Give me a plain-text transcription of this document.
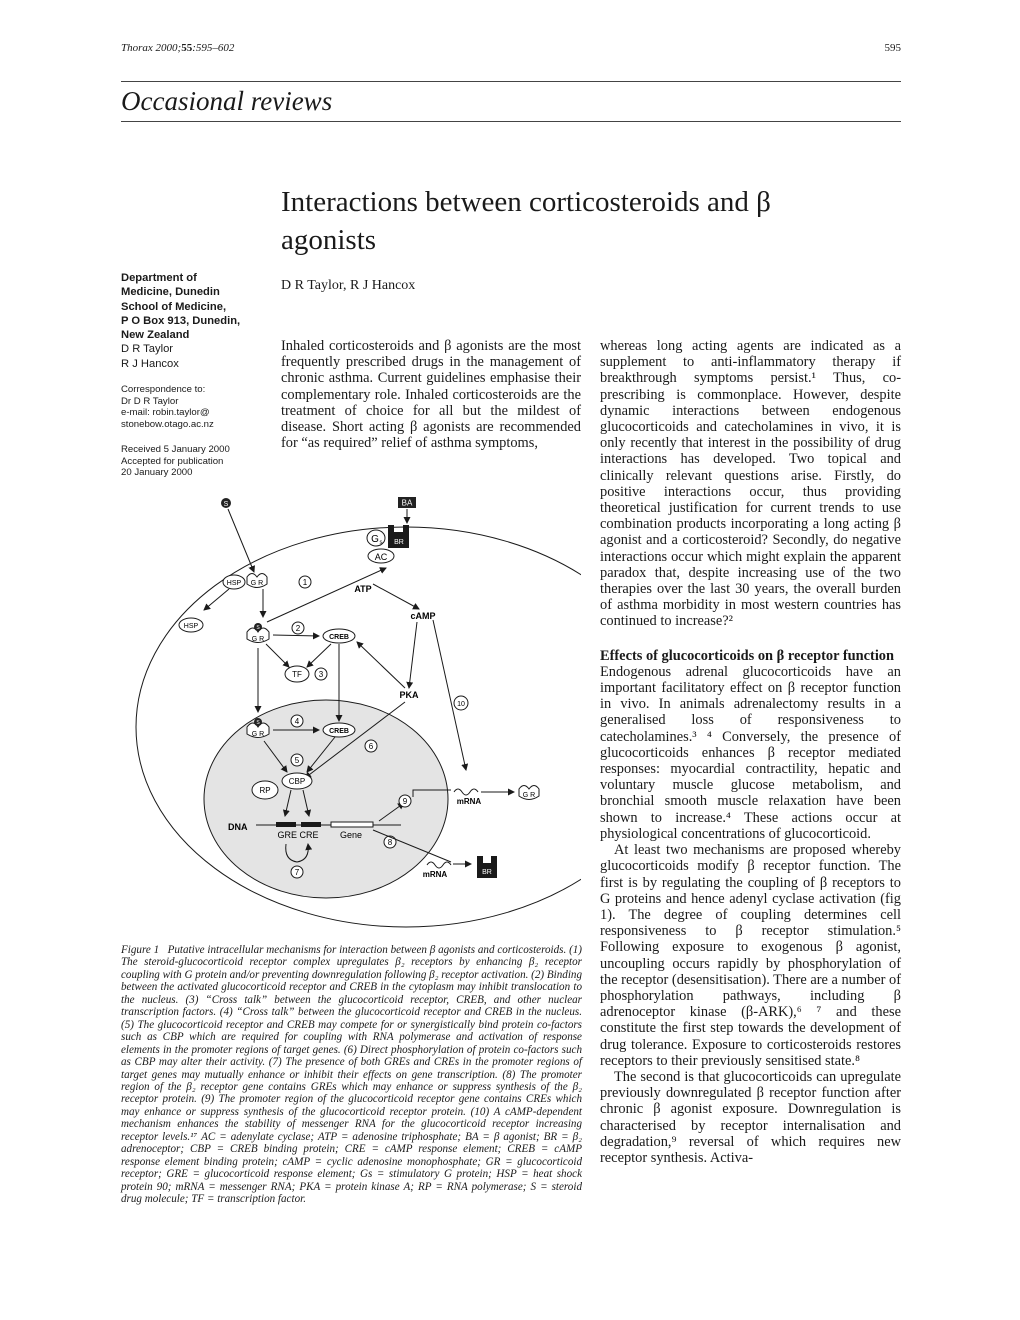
Thorax 2000;55:595–602	595
Occasional reviews
Interactions between corticosteroids and β agonists
D R Taylor, R J Hancox
Department of
Medicine, Dunedin
School of Medicine,
P O Box 913, Dunedin,
New Zealand
D R Taylor
R J Hancox
Correspondence to:
Dr D R Taylor
e-mail: robin.taylor@
stonebow.otago.ac.nz
Received 5 January 2000
Accepted for publication
20 January 2000

Inhaled corticosteroids and β agonists are the most frequently prescribed drugs in the management of chronic asthma. Current guidelines emphasise their complementary role. Inhaled corticosteroids are the treatment of choice for all but the mildest of disease. Short acting β agonists are recommended for “as required” relief of asthma symptoms,

whereas long acting agents are indicated as a supplement to anti-inflammatory therapy if breakthrough symptoms persist.¹ Thus, co-prescribing is commonplace. However, despite dynamic interactions between endogenous glucocorticoids and catecholamines in vivo, it is only recently that interest in the possibility of drug interactions has developed. Two topical and clinically relevant questions arise. Firstly, do positive interactions occur, thus providing theoretical justification for current trends to use combination products incorporating a long acting β agonist and a corticosteroid? Secondly, do negative interactions occur which might explain the apparent paradox that, despite increasing use of the two therapies over the last 30 years, the overall burden of asthma morbidity in most western countries has continued to increase?²

Effects of glucocorticoids on β receptor function

Endogenous adrenal glucocorticoids have an important facilitatory effect on β receptor function in vivo. In animals adrenalectomy results in a generalised loss of responsiveness to catecholamines.³ ⁴ Conversely, the presence of glucocorticoids enhances β receptor mediated responses: myocardial contractility, hepatic and voluntary muscle glucose metabolism, and bronchial smooth muscle relaxation have been shown to increase.⁴ These actions occur at physiological concentrations of glucocorticoid.

At least two mechanisms are proposed whereby glucocorticoids modify β receptor function. The first is by regulating the coupling of β receptors to G proteins and hence adenyl cyclase activation (fig 1). The degree of coupling determines cell responsiveness to β receptor stimulation.⁵ Following exposure to exogenous β agonist, uncoupling occurs rapidly by phosphorylation of the receptor (desensitisation). There are a number of phosphorylation pathways, including β adrenoceptor kinase (β-ARK),⁶ ⁷ and these constitute the first step towards the development of drug tolerance. Exposure to corticosteroids restores receptors to their previously sensitised state.⁸

The second is that glucocorticoids can upregulate previously downregulated β receptor function after chronic β agonist exposure. Downregulation is characterised by receptor internalisation and degradation,⁹ reversal of which requires new receptor synthesis. Activa-

S	BA
G s BR
AC
ATP
cAMP
HSP G R	1
HSP	S
G R	CREB
2
TF 3
PKA
10
S
G R	CREB
4
6
5
CBP
RP
DNA
GRE CRE Gene
8
7
9	mRNA
G R
mRNA	BR
Figure 1 Putative intracellular mechanisms for interaction between β agonists and corticosteroids. (1) The steroid-glucocorticoid receptor complex upregulates β₂ receptors by enhancing β₂ receptor coupling with G protein and/or preventing downregulation following β₂ receptor activation. (2) Binding between the activated glucocorticoid receptor and CREB in the cytoplasm may inhibit translocation to the nucleus. (3) “Cross talk” between the glucocorticoid receptor, CREB, and other nuclear transcription factors. (4) “Cross talk” between the glucocorticoid receptor and CREB in the nucleus. (5) The glucocorticoid receptor and CREB may compete for or synergistically bind protein co-factors such as CBP which are required for coupling with RNA polymerase and activation of response elements in the promoter regions of target genes. (6) Direct phosphorylation of protein co-factors such as CBP may alter their activity. (7) The presence of both GREs and CREs in the promoter regions of target genes may mutually enhance or inhibit their effects on gene transcription. (8) The promoter region of the β₂ receptor gene contains GREs which may enhance or suppress synthesis of the β₂ receptor protein. (9) The promoter region of the glucocorticoid receptor gene contains CREs which may enhance or suppress synthesis of the glucocorticoid receptor protein. (10) A cAMP-dependent mechanism enhances the stability of messenger RNA for the glucocorticoid receptor increasing receptor levels.¹⁷ AC = adenylate cyclase; ATP = adenosine triphosphate; BA = β agonist; BR = β₂ adrenoceptor; CBP = CREB binding protein; CRE = cAMP response element; CREB = cAMP response element binding protein; cAMP = cyclic adenosine monophosphate; GR = glucocorticoid receptor; GRE = glucocorticoid response element; Gs = stimulatory G protein; HSP = heat shock protein 90; mRNA = messenger RNA; PKA = protein kinase A; RP = RNA polymerase; S = steroid drug molecule; TF = transcription factor.
